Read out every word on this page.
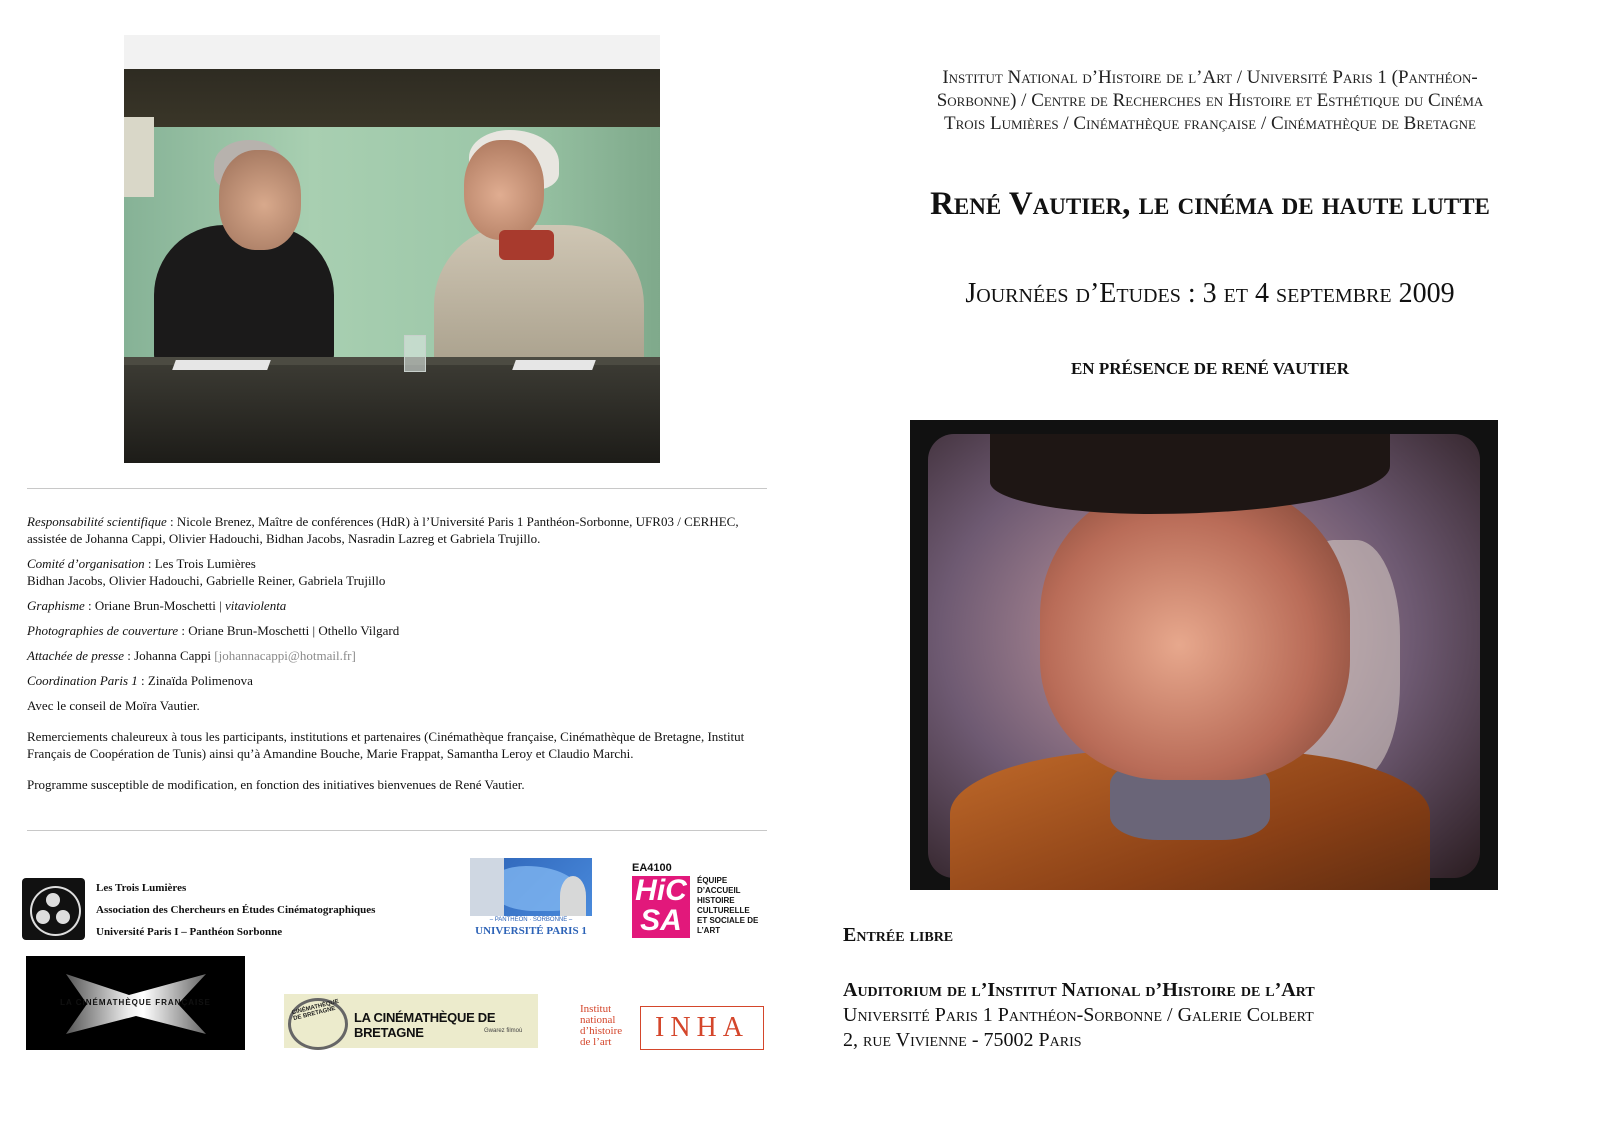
Responsabilité scientifique : Nicole Brenez, Maître de conférences (HdR) à l’Université Paris 1 Panthéon-Sorbonne, UFR03 / CERHEC, assistée de Johanna Cappi, Olivier Hadouchi, Bidhan Jacobs, Nasradin Lazreg et Gabriela Trujillo.

Comité d’organisation : Les Trois Lumières
Bidhan Jacobs, Olivier Hadouchi, Gabrielle Reiner, Gabriela Trujillo

Graphisme : Oriane Brun-Moschetti | vitaviolenta

Photographies de couverture : Oriane Brun-Moschetti | Othello Vilgard

Attachée de presse : Johanna Cappi [johannacappi@hotmail.fr]

Coordination Paris 1 : Zinaïda Polimenova

Avec le conseil de Moïra Vautier.

Remerciements chaleureux à tous les participants, institutions et partenaires (Cinémathèque française, Cinémathèque de Bretagne, Institut Français de Coopération de Tunis) ainsi qu’à Amandine Bouche, Marie Frappat, Samantha Leroy et Claudio Marchi.

Programme susceptible de modification, en fonction des initiatives bienvenues de René Vautier.

Les Trois Lumières
Association des Chercheurs en Études Cinématographiques
Université Paris I – Panthéon Sorbonne
– PANTHÉON · SORBONNE –
UNIVERSITÉ PARIS 1
EA4100
HiC SA
ÉQUIPE D’ACCUEIL HISTOIRE CULTURELLE ET SOCIALE DE L’ART
LA CINÉMATHÈQUE FRANÇAISE	CINÉMATHÈQUE DE BRETAGNE	LA CINÉMATHÈQUE DE BRETAGNE	Gwarez filmoù
Institut national d’histoire de l’art	INHA
Institut National d’Histoire de l’Art / Université Paris 1 (Panthéon-
Sorbonne) / Centre de Recherches en Histoire et Esthétique du Cinéma
Trois Lumières / Cinémathèque française / Cinémathèque de Bretagne
René Vautier, le cinéma de haute lutte
Journées d’Etudes : 3 et 4 septembre 2009
EN PRÉSENCE DE RENÉ VAUTIER
Entrée libre
Auditorium de l’Institut National d’Histoire de l’Art
Université Paris 1 Panthéon-Sorbonne / Galerie Colbert
2, rue Vivienne - 75002 Paris
